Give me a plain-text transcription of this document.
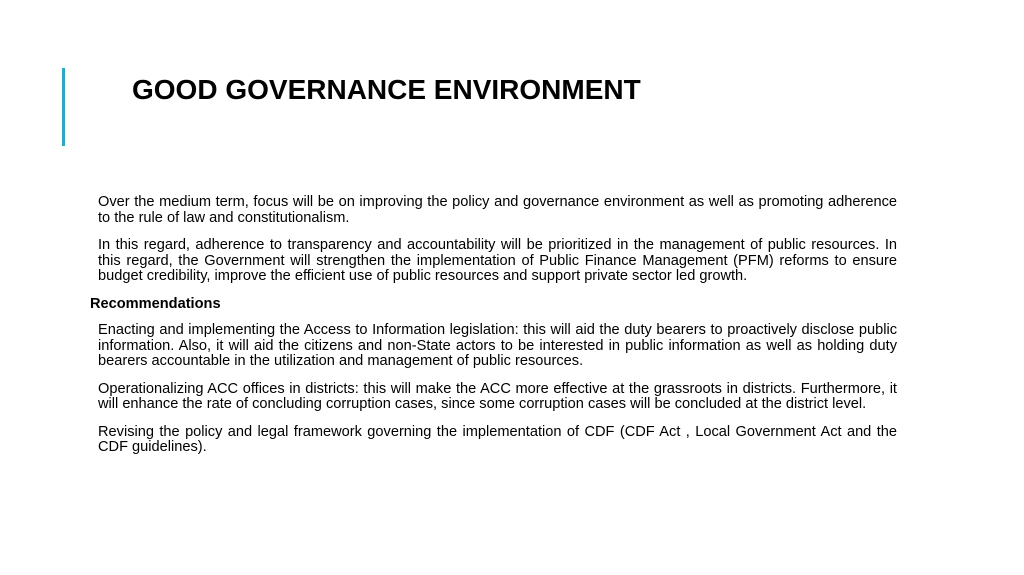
GOOD GOVERNANCE ENVIRONMENT

Over the medium term, focus will be on improving the policy and governance environment as well as promoting adherence to the rule of law and constitutionalism.

In this regard, adherence to transparency and accountability will be prioritized in the management of public resources. In this regard, the Government will strengthen the implementation of Public Finance Management (PFM) reforms to ensure budget credibility, improve the efficient use of public resources and support private sector led growth.

Recommendations

Enacting and implementing the Access to Information legislation: this will aid the duty bearers to proactively disclose public information. Also, it will aid the citizens and non-State actors to be interested in public information as well as holding duty bearers accountable in the utilization and management of public resources.

Operationalizing ACC offices in districts: this will make the ACC more effective at the grassroots in districts. Furthermore, it will enhance the rate of concluding corruption cases, since some corruption cases will be concluded at the district level.

Revising the policy and legal framework governing the implementation of CDF (CDF Act , Local Government Act and the CDF guidelines).
